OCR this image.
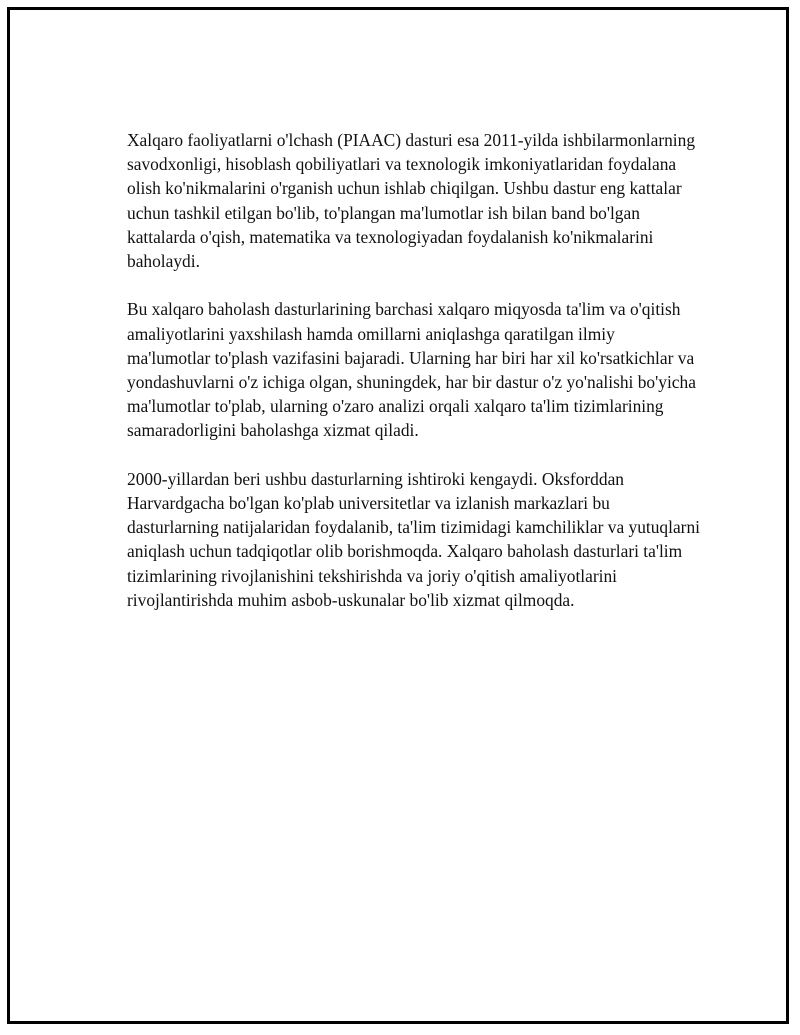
Xalqaro faoliyatlarni o'lchash (PIAAC) dasturi esa 2011-yilda ishbilarmonlarning savodxonligi, hisoblash qobiliyatlari va texnologik imkoniyatlaridan foydalana olish ko'nikmalarini o'rganish uchun ishlab chiqilgan. Ushbu dastur eng kattalar uchun tashkil etilgan bo'lib, to'plangan ma'lumotlar ish bilan band bo'lgan kattalarda o'qish, matematika va texnologiyadan foydalanish ko'nikmalarini baholaydi.

Bu xalqaro baholash dasturlarining barchasi xalqaro miqyosda ta'lim va o'qitish amaliyotlarini yaxshilash hamda omillarni aniqlashga qaratilgan ilmiy ma'lumotlar to'plash vazifasini bajaradi. Ularning har biri har xil ko'rsatkichlar va yondashuvlarni o'z ichiga olgan, shuningdek, har bir dastur o'z yo'nalishi bo'yicha ma'lumotlar to'plab, ularning o'zaro analizi orqali xalqaro ta'lim tizimlarining samaradorligini baholashga xizmat qiladi.

2000-yillardan beri ushbu dasturlarning ishtiroki kengaydi. Oksforddan Harvardgacha bo'lgan ko'plab universitetlar va izlanish markazlari bu dasturlarning natijalaridan foydalanib, ta'lim tizimidagi kamchiliklar va yutuqlarni aniqlash uchun tadqiqotlar olib borishmoqda. Xalqaro baholash dasturlari ta'lim tizimlarining rivojlanishini tekshirishda va joriy o'qitish amaliyotlarini rivojlantirishda muhim asbob-uskunalar bo'lib xizmat qilmoqda.
